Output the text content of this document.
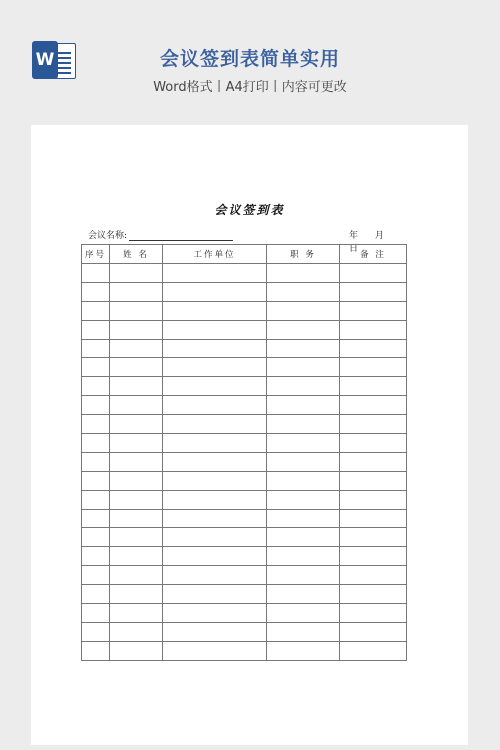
W	会议签到表简单实用
Word格式丨A4打印丨内容可更改
会议签到表
会议名称:	年 月 日
序号	姓 名	工作单位	职 务	备 注
